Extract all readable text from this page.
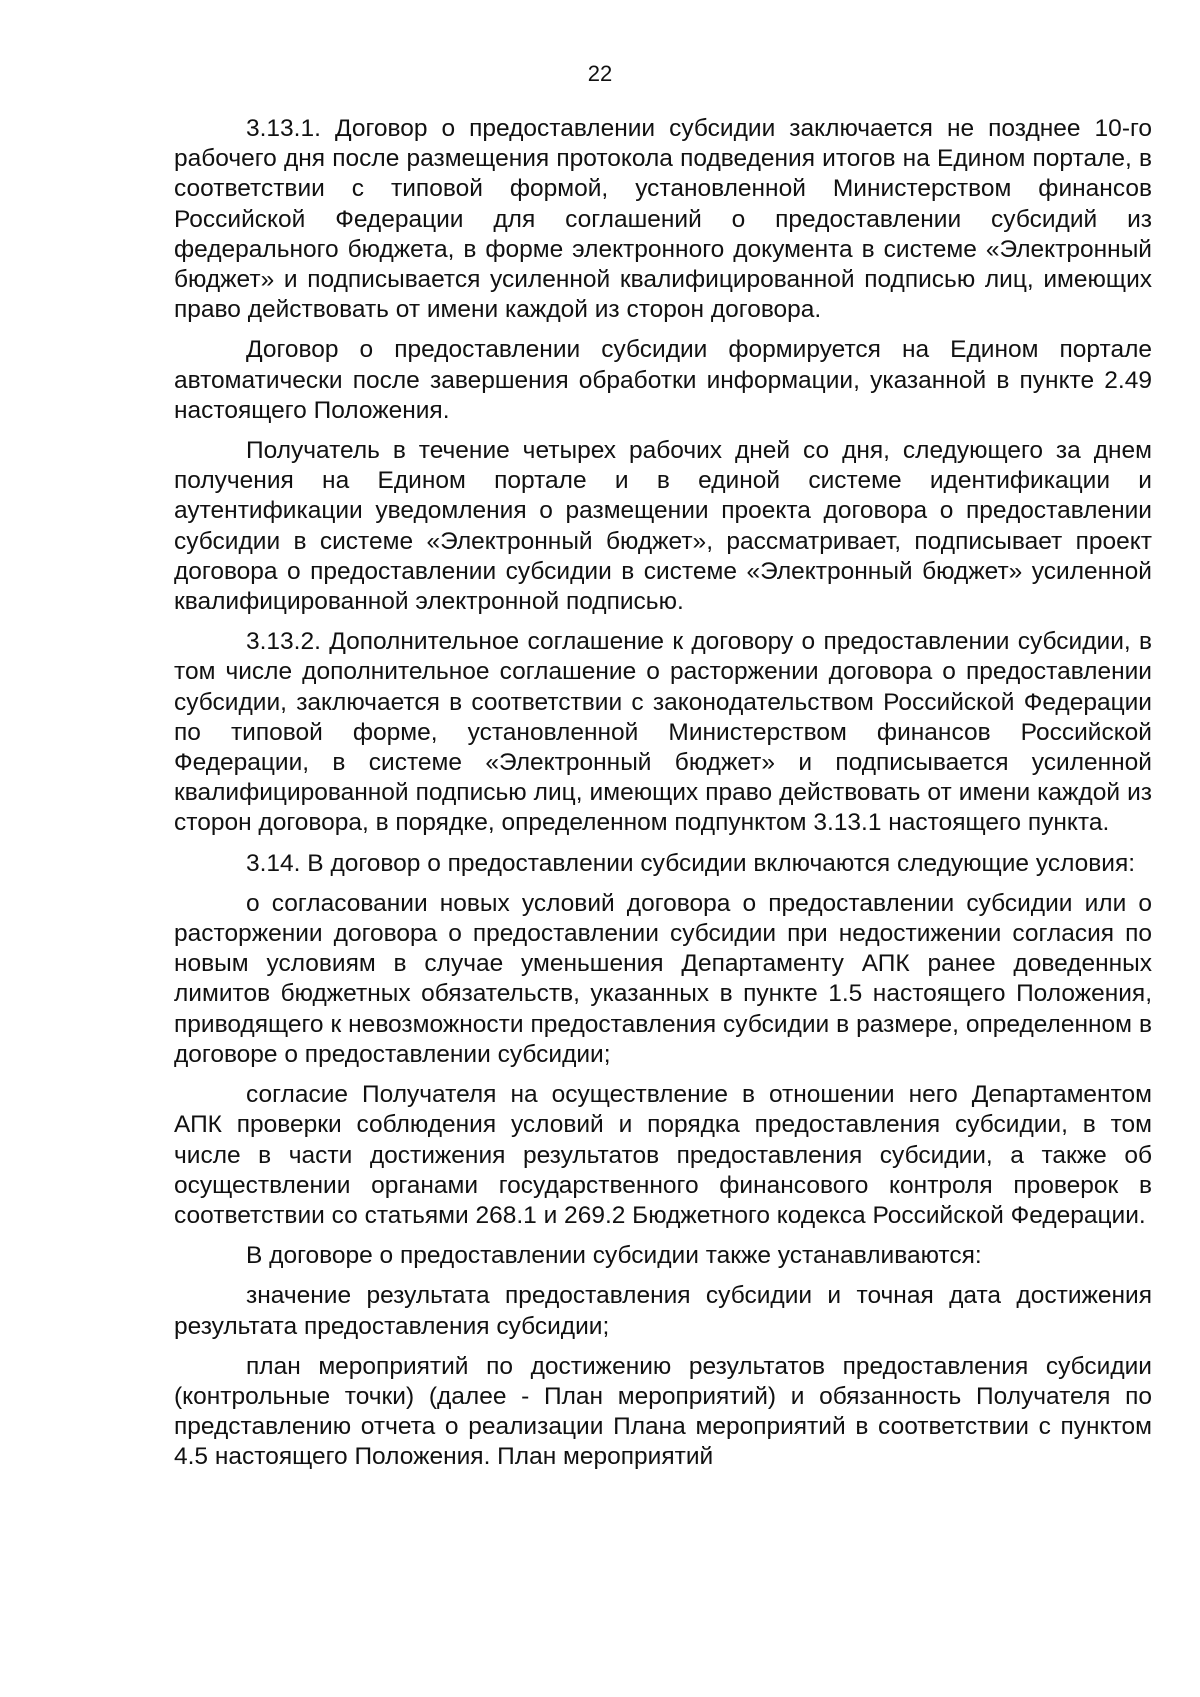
22

3.13.1. Договор о предоставлении субсидии заключается не позднее 10-го рабочего дня после размещения протокола подведения итогов на Едином портале, в соответствии с типовой формой, установленной Министерством финансов Российской Федерации для соглашений о предоставлении субсидий из федерального бюджета, в форме электронного документа в системе «Электронный бюджет» и подписывается усиленной квалифицированной подписью лиц, имеющих право действовать от имени каждой из сторон договора.

Договор о предоставлении субсидии формируется на Едином портале автоматически после завершения обработки информации, указанной в пункте 2.49 настоящего Положения.

Получатель в течение четырех рабочих дней со дня, следующего за днем получения на Едином портале и в единой системе идентификации и аутентификации уведомления о размещении проекта договора о предоставлении субсидии в системе «Электронный бюджет», рассматривает, подписывает проект договора о предоставлении субсидии в системе «Электронный бюджет» усиленной квалифицированной электронной подписью.

3.13.2. Дополнительное соглашение к договору о предоставлении субсидии, в том числе дополнительное соглашение о расторжении договора о предоставлении субсидии, заключается в соответствии с законодательством Российской Федерации по типовой форме, установленной Министерством финансов Российской Федерации, в системе «Электронный бюджет» и подписывается усиленной квалифицированной подписью лиц, имеющих право действовать от имени каждой из сторон договора, в порядке, определенном подпунктом 3.13.1 настоящего пункта.

3.14. В договор о предоставлении субсидии включаются следующие условия:

о согласовании новых условий договора о предоставлении субсидии или о расторжении договора о предоставлении субсидии при недостижении согласия по новым условиям в случае уменьшения Департаменту АПК ранее доведенных лимитов бюджетных обязательств, указанных в пункте 1.5 настоящего Положения, приводящего к невозможности предоставления субсидии в размере, определенном в договоре о предоставлении субсидии;

согласие Получателя на осуществление в отношении него Департаментом АПК проверки соблюдения условий и порядка предоставления субсидии, в том числе в части достижения результатов предоставления субсидии, а также об осуществлении органами государственного финансового контроля проверок в соответствии со статьями 268.1 и 269.2 Бюджетного кодекса Российской Федерации.

В договоре о предоставлении субсидии также устанавливаются:

значение результата предоставления субсидии и точная дата достижения результата предоставления субсидии;

план мероприятий по достижению результатов предоставления субсидии (контрольные точки) (далее - План мероприятий) и обязанность Получателя по представлению отчета о реализации Плана мероприятий в соответствии с пунктом 4.5 настоящего Положения. План мероприятий
